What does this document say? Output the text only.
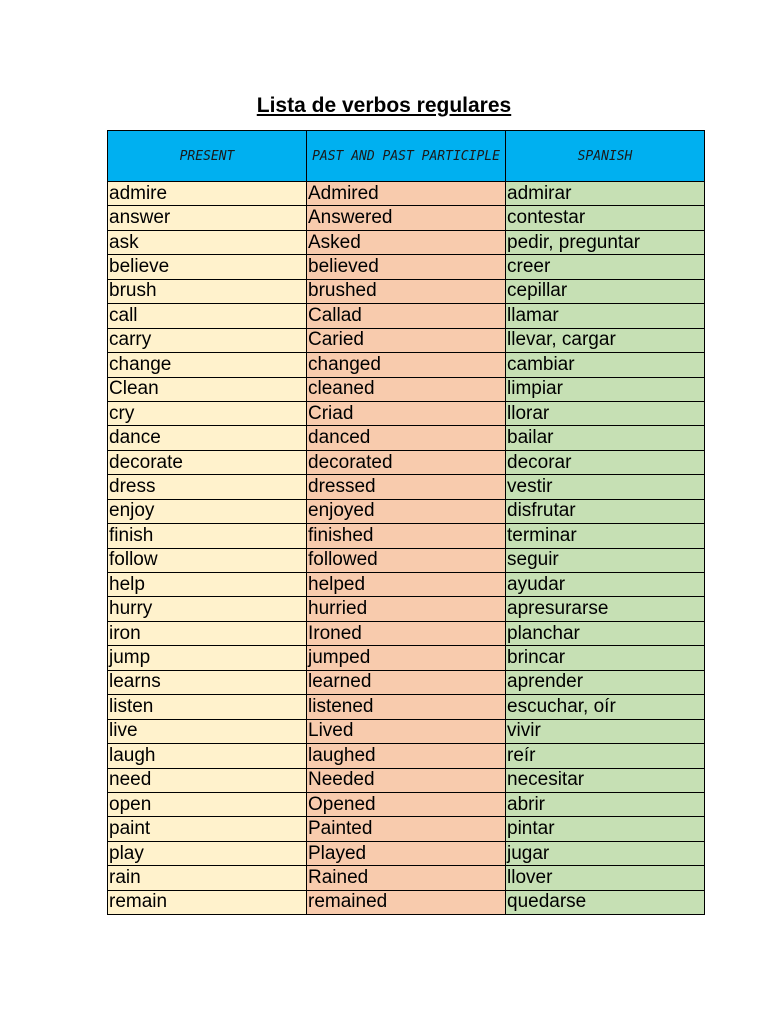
Lista de verbos regulares
PRESENT	PAST AND PAST PARTICIPLE	SPANISH
admire	Admired	admirar
answer	Answered	contestar
ask	Asked	pedir, preguntar
believe	believed	creer
brush	brushed	cepillar
call	Callad	llamar
carry	Caried	llevar, cargar
change	changed	cambiar
Clean	cleaned	limpiar
cry	Criad	llorar
dance	danced	bailar
decorate	decorated	decorar
dress	dressed	vestir
enjoy	enjoyed	disfrutar
finish	finished	terminar
follow	followed	seguir
help	helped	ayudar
hurry	hurried	apresurarse
iron	Ironed	planchar
jump	jumped	brincar
learns	learned	aprender
listen	listened	escuchar, oír
live	Lived	vivir
laugh	laughed	reír
need	Needed	necesitar
open	Opened	abrir
paint	Painted	pintar
play	Played	jugar
rain	Rained	llover
remain	remained	quedarse
